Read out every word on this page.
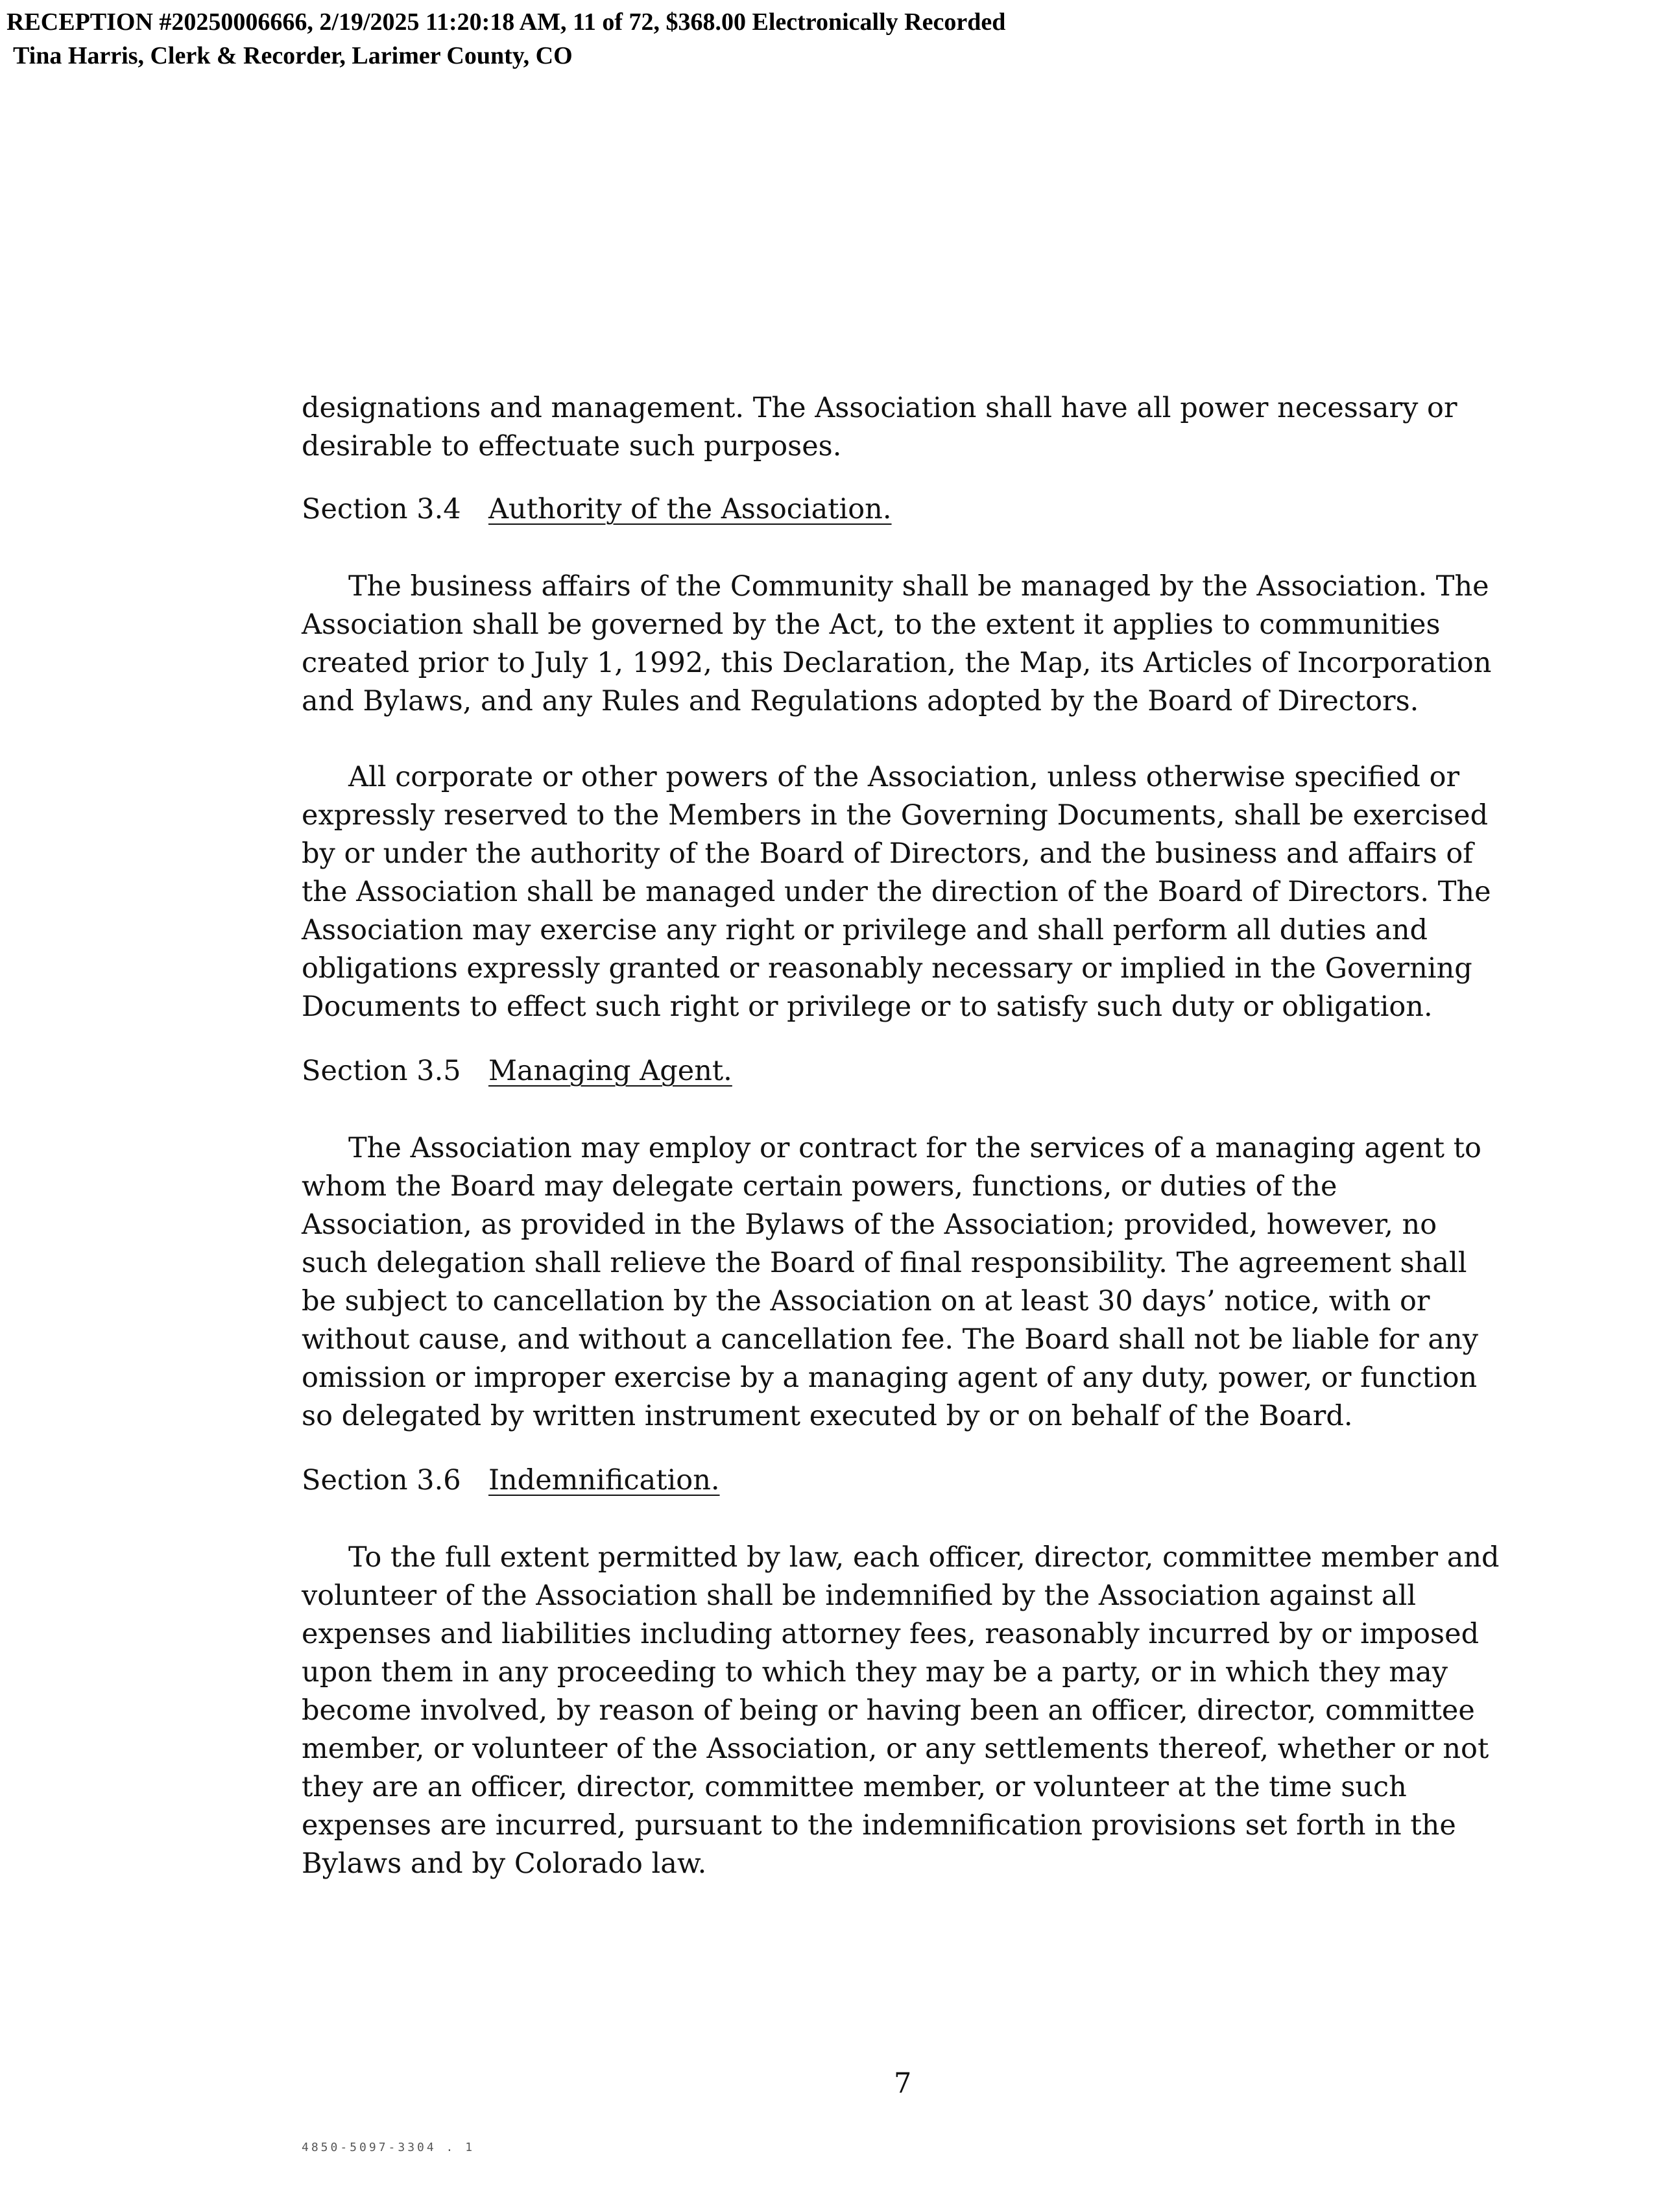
RECEPTION #20250006666, 2/19/2025 11:20:18 AM, 11 of 72, $368.00 Electronically Recorded
Tina Harris, Clerk & Recorder, Larimer County, CO

designations and management. The Association shall have all power necessary or desirable to effectuate such purposes.

Section 3.4 Authority of the Association.

The business affairs of the Community shall be managed by the Association. The Association shall be governed by the Act, to the extent it applies to communities created prior to July 1, 1992, this Declaration, the Map, its Articles of Incorporation and Bylaws, and any Rules and Regulations adopted by the Board of Directors.

All corporate or other powers of the Association, unless otherwise specified or expressly reserved to the Members in the Governing Documents, shall be exercised by or under the authority of the Board of Directors, and the business and affairs of the Association shall be managed under the direction of the Board of Directors. The Association may exercise any right or privilege and shall perform all duties and obligations expressly granted or reasonably necessary or implied in the Governing Documents to effect such right or privilege or to satisfy such duty or obligation.

Section 3.5 Managing Agent.

The Association may employ or contract for the services of a managing agent to whom the Board may delegate certain powers, functions, or duties of the Association, as provided in the Bylaws of the Association; provided, however, no such delegation shall relieve the Board of final responsibility. The agreement shall be subject to cancellation by the Association on at least 30 days’ notice, with or without cause, and without a cancellation fee. The Board shall not be liable for any omission or improper exercise by a managing agent of any duty, power, or function so delegated by written instrument executed by or on behalf of the Board.

Section 3.6 Indemnification.

To the full extent permitted by law, each officer, director, committee member and volunteer of the Association shall be indemnified by the Association against all expenses and liabilities including attorney fees, reasonably incurred by or imposed upon them in any proceeding to which they may be a party, or in which they may become involved, by reason of being or having been an officer, director, committee member, or volunteer of the Association, or any settlements thereof, whether or not they are an officer, director, committee member, or volunteer at the time such expenses are incurred, pursuant to the indemnification provisions set forth in the Bylaws and by Colorado law.

7
4850-5097-3304 . 1
